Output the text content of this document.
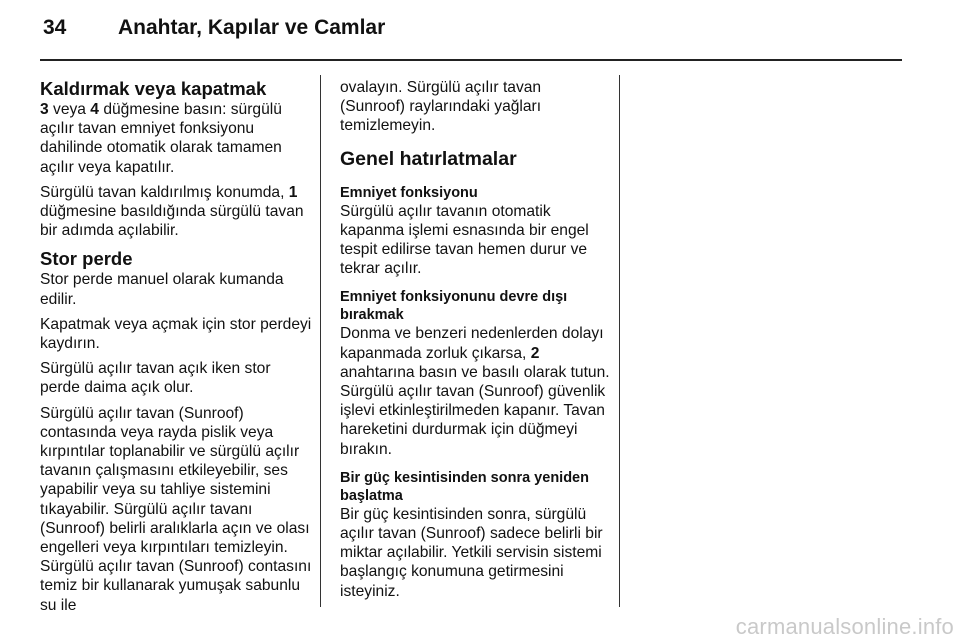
34 Anahtar, Kapılar ve Camlar
Kaldırmak veya kapatmak

3 veya 4 düğmesine basın: sürgülü açılır tavan emniyet fonksiyonu dahilinde otomatik olarak tamamen açılır veya kapatılır.

Sürgülü tavan kaldırılmış konumda, 1 düğmesine basıldığında sürgülü tavan bir adımda açılabilir.

Stor perde

Stor perde manuel olarak kumanda edilir.

Kapatmak veya açmak için stor perdeyi kaydırın.

Sürgülü açılır tavan açık iken stor perde daima açık olur.

Sürgülü açılır tavan (Sunroof) contasında veya rayda pislik veya kırpıntılar toplanabilir ve sürgülü açılır tavanın çalışmasını etkileyebilir, ses yapabilir veya su tahliye sistemini tıkayabilir. Sürgülü açılır tavanı (Sunroof) belirli aralıklarla açın ve olası engelleri veya kırpıntıları temizleyin. Sürgülü açılır tavan (Sunroof) contasını temiz bir kullanarak yumuşak sabunlu su ile

ovalayın. Sürgülü açılır tavan (Sunroof) raylarındaki yağları temizlemeyin.

Genel hatırlatmalar
Emniyet fonksiyonu

Sürgülü açılır tavanın otomatik kapanma işlemi esnasında bir engel tespit edilirse tavan hemen durur ve tekrar açılır.

Emniyet fonksiyonunu devre dışı bırakmak

Donma ve benzeri nedenlerden dolayı kapanmada zorluk çıkarsa, 2 anahtarına basın ve basılı olarak tutun. Sürgülü açılır tavan (Sunroof) güvenlik işlevi etkinleştirilmeden kapanır. Tavan hareketini durdurmak için düğmeyi bırakın.

Bir güç kesintisinden sonra yeniden başlatma

Bir güç kesintisinden sonra, sürgülü açılır tavan (Sunroof) sadece belirli bir miktar açılabilir. Yetkili servisin sistemi başlangıç konumuna getirmesini isteyiniz.

carmanualsonline.info
